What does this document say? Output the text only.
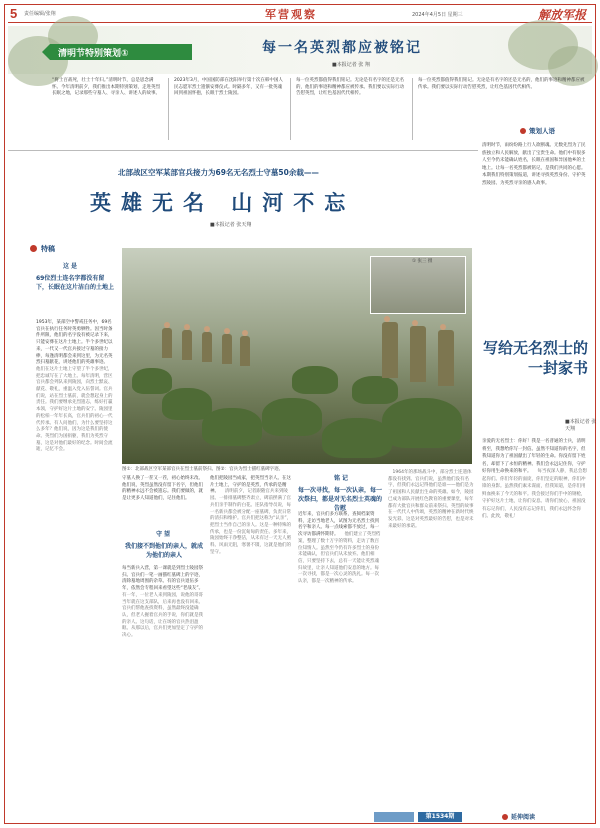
5 责任编辑/张翔	军营观察	2024年4月5日 星期三	解放军报
清明节特别策划①	每一名英烈都应被铭记
■本报记者 张 翔
“将士百战死，壮士十年归。”清明时节，总是思念满怀。今年清明前夕，我们推出本期特别策划，走进英烈长眠之地，记录那些守墓人、寻亲人、讲述人的故事。
2023年3月，中国国防部在沈阳举行第十次在韩中国人民志愿军烈士遗骸安葬仪式。时隔多年，又有一批英魂回到祖国怀抱，长眠于烈士陵园。
每一位英烈都值得我们铭记。无论是有名字的还是无名的，他们的事迹和精神都应被传承。我们要以实际行动告慰英烈，让红色基因代代相传。
每一位英烈都值得我们铭记。无论是有名字的还是无名的，他们的事迹和精神都应被传承。我们要以实际行动告慰英烈，让红色基因代代相传。
策划人语
清明时节，雨纷纷路上行人欲断魂。无数先烈为了民族独立和人民解放，献出了宝贵生命。他们中有很多人至今仍未能确认姓名，长眠在祖国和异国他乡的土地上。让每一名英烈都被铭记，是我们共同的心愿。本期我们特别策划报道，讲述寻找英烈身份、守护英烈陵园、为英烈寻亲的感人故事。
北部战区空军某部官兵接力为69名无名烈士守墓50余载——
英雄无名 山河不忘
■本报记者 张天翔
特稿
这 是
69位烈士连名字都没有留下，长眠在这片洁白的土地上
1953年，某部空中警戒任务中，69名官兵在执行任务时英勇牺牲。因当时条件所限，他们的名字没有被记录下来，只能安葬在这片土地上。半个多世纪以来，一代又一代官兵接过守墓的接力棒，每逢清明都会来到这里，为无名英烈扫墓献花，讲述他们的英雄事迹。 　他们在这片土地上守望了半个多世纪，把忠诚写在了大地上。每年清明，营区官兵都会列队来到陵园，向烈士默哀、献花、敬礼，重温入党入伍誓词。官兵们说，站在烈士墓前，就会想起身上的责任。我们要继承先烈遗志，练好打赢本领，守护好这片土地的安宁。陵园里的松柏一年年长高，官兵们的初心一代代传承。有人问他们，为什么要坚持这么多年？他们说，因为这是我们的使命。英烈们为国捐躯，我们为英烈守墓，这是对他们最好的纪念。时间会流逝，记忆不会。
① 张三 摄
图①：北部战区空军某部官兵在烈士墓前祭扫。图②：官兵为烈士描红墓碑字迹。
守墓人换了一茬又一茬，初心始终未改。他们说，英烈虽然没有留下名字，但他们的精神永远不会被遗忘。我们要做的，就是让更多人知道他们，记住他们。
守 望
我们接不到他们的亲人，就成为他们的亲人
每当新兵入营，第一课就是到烈士陵园祭扫。官兵们一笔一画描红墓碑上的字迹，清除墓地周围的杂草。有的官兵退伍多年，依然会专程回来看望这些“老战友”。 　有一年，一位老人来到陵园，说他的哥哥当年就在这支部队，后来再也没有回来。官兵们帮他查找资料，虽然最终没能确认，但老人握着官兵的手说，你们就是我的亲人。这句话，让在场的官兵热泪盈眶。从那以后，官兵们更加坚定了守护的决心。
他们把陵园当成家，把英烈当亲人。在这片土地上，守护的是英烈，传承的是精神。 　清明前夕，记者跟随官兵来到陵园。一排排墓碑整齐肃立，碑前摆满了官兵们亲手制作的白花。连队指导员说，每一名新兵都会被分配一座墓碑，负责日常的清扫和维护。官兵们把这称为“认亲”，把烈士当作自己的亲人。这是一种特殊的传承，也是一份沉甸甸的责任。多年来，陵园始终干净整洁，从未有过一天无人照料。风雨无阻，寒暑不辍，这就是他们的坚守。
铭 记
每一次寻找，每一次认亲，每一次祭扫，都是对无名烈士英魂的告慰
近年来，官兵们多方联系，查阅档案资料，走访当地老人，试图为无名烈士找到名字和亲人。每一点线索都不放过，每一次寻访都满怀期待。 　他们建立了英烈档案，整理了数十万字的资料，走访了数百位知情人。虽然至今仍有许多烈士的身份未能确认，但官兵们从未放弃。他们相信，只要坚持下去，总有一天能让英烈魂归故里，让亲人知道他们安息的地方。每一次寻找，都是一次心灵的洗礼。每一次认亲，都是一次精神的传承。
　1964年的那场战斗中，部分烈士连遗体都没有找到。官兵们说，虽然他们没有名字，但我们永远记得他们是谁——他们是为了祖国和人民献出生命的英雄。如今，陵园已成为部队开展红色教育的重要课堂，每年都有大批官兵和群众前来祭扫。英烈的故事在一代代人中传颂，英烈的精神在新时代焕发光彩。这是对英烈最好的告慰，也是对未来最好的承诺。
写给无名烈士的一封家书
■本报记者 张天翔
亲爱的无名烈士：你好！我是一名普通的士兵，清明将至，我想给你写一封信。虽然不知道你的名字，但我知道你为了祖国献出了年轻的生命。你没有留下姓名，却留下了永恒的精神。我们会永远记住你，守护好你用生命换来的和平。 　每当夜深人静，我总会想起你们。你们年轻的面庞，你们坚定的眼神，你们冲锋的身影。虽然我们素未谋面，但我知道，是你们用鲜血换来了今天的和平。我会接过你们手中的钢枪，守护好这片土地，让你们安息。请你们放心，祖国没有忘记你们，人民没有忘记你们，我们永远怀念你们。此致，敬礼！
第1534期	延伸阅读
